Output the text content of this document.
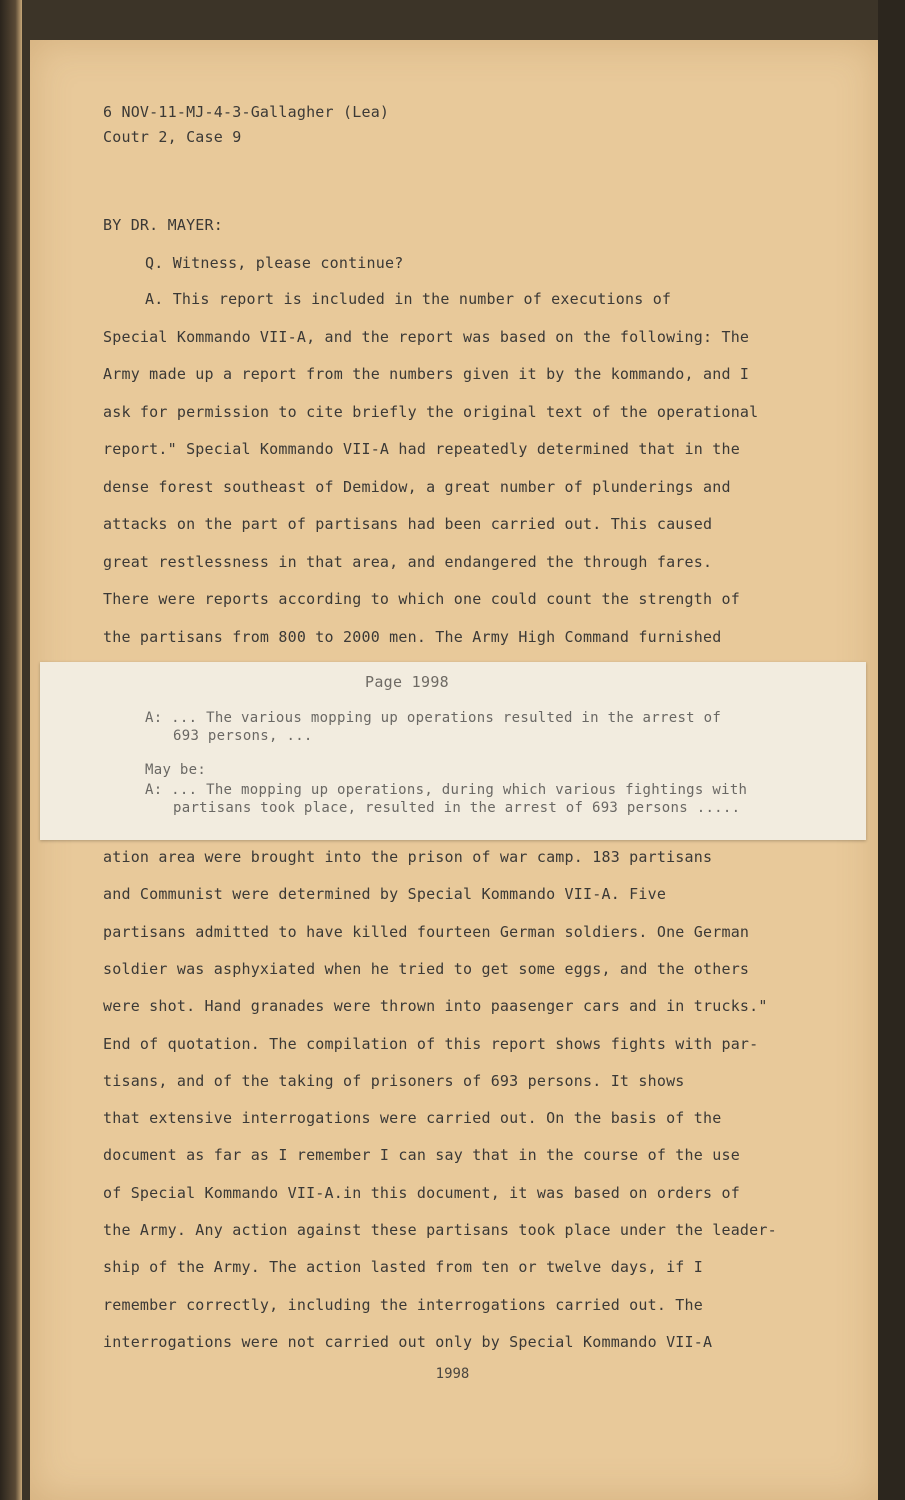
6 NOV-11-MJ-4-3-Gallagher (Lea)
Coutr 2, Case 9
BY DR. MAYER:
Q. Witness, please continue?
A. This report is included in the number of executions of
Special Kommando VII-A, and the report was based on the following: The
Army made up a report from the numbers given it by the kommando, and I
ask for permission to cite briefly the original text of the operational
report." Special Kommando VII-A had repeatedly determined that in the
dense forest southeast of Demidow, a great number of plunderings and
attacks on the part of partisans had been carried out. This caused
great restlessness in that area, and endangered the through fares.
There were reports according to which one could count the strength of
the partisans from 800 to 2000 men. The Army High Command furnished
Page 1998
A: ... The various mopping up operations resulted in the arrest of
693 persons, ...
May be:
A: ... The mopping up operations, during which various fightings with
partisans took place, resulted in the arrest of 693 persons .....
ation area were brought into the prison of war camp. 183 partisans
and Communist were determined by Special Kommando VII-A. Five
partisans admitted to have killed fourteen German soldiers. One German
soldier was asphyxiated when he tried to get some eggs, and the others
were shot. Hand granades were thrown into paasenger cars and in trucks."
End of quotation. The compilation of this report shows fights with par-
tisans, and of the taking of prisoners of 693 persons. It shows
that extensive interrogations were carried out. On the basis of the
document as far as I remember I can say that in the course of the use
of Special Kommando VII-A.in this document, it was based on orders of
the Army. Any action against these partisans took place under the leader-
ship of the Army. The action lasted from ten or twelve days, if I
remember correctly, including the interrogations carried out. The
interrogations were not carried out only by Special Kommando VII-A
1998
